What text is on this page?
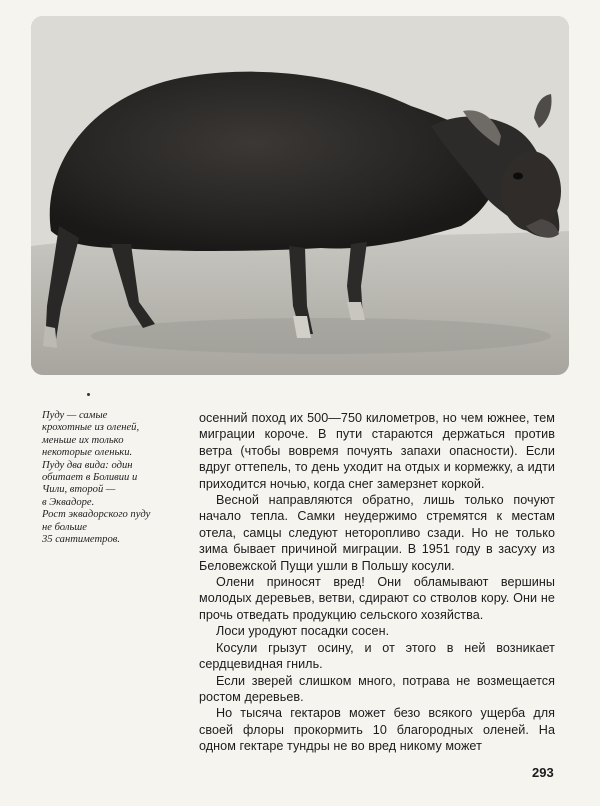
Пуду — самые

крохотные из оленей,

меньше их только

некоторые оленьки.

Пуду два вида: один

обитает в Боливии и

Чили, второй —

в Эквадоре.

Рост эквадорского пуду

не больше

35 сантиметров.

осенний поход их 500—750 километров, но чем южнее, тем миграции короче. В пути стараются держаться против ветра (чтобы вовремя почуять запахи опасности). Если вдруг оттепель, то день уходит на отдых и кормежку, а идти приходится ночью, когда снег замерзнет коркой.

Весной направляются обратно, лишь только почуют начало тепла. Самки неудержимо стремятся к местам отела, самцы следуют неторопливо сзади. Но не только зима бывает причиной миграции. В 1951 году в засуху из Беловежской Пущи ушли в Польшу косули.

Олени приносят вред! Они обламывают вершины молодых деревьев, ветви, сдирают со стволов кору. Они не прочь отведать продукцию сельского хозяйства.

Лоси уродуют посадки сосен.

Косули грызут осину, и от этого в ней возникает сердцевидная гниль.

Если зверей слишком много, потрава не возмещается ростом деревьев.

Но тысяча гектаров может безо всякого ущерба для своей флоры прокормить 10 благородных оленей. На одном гектаре тундры не во вред никому может

293
